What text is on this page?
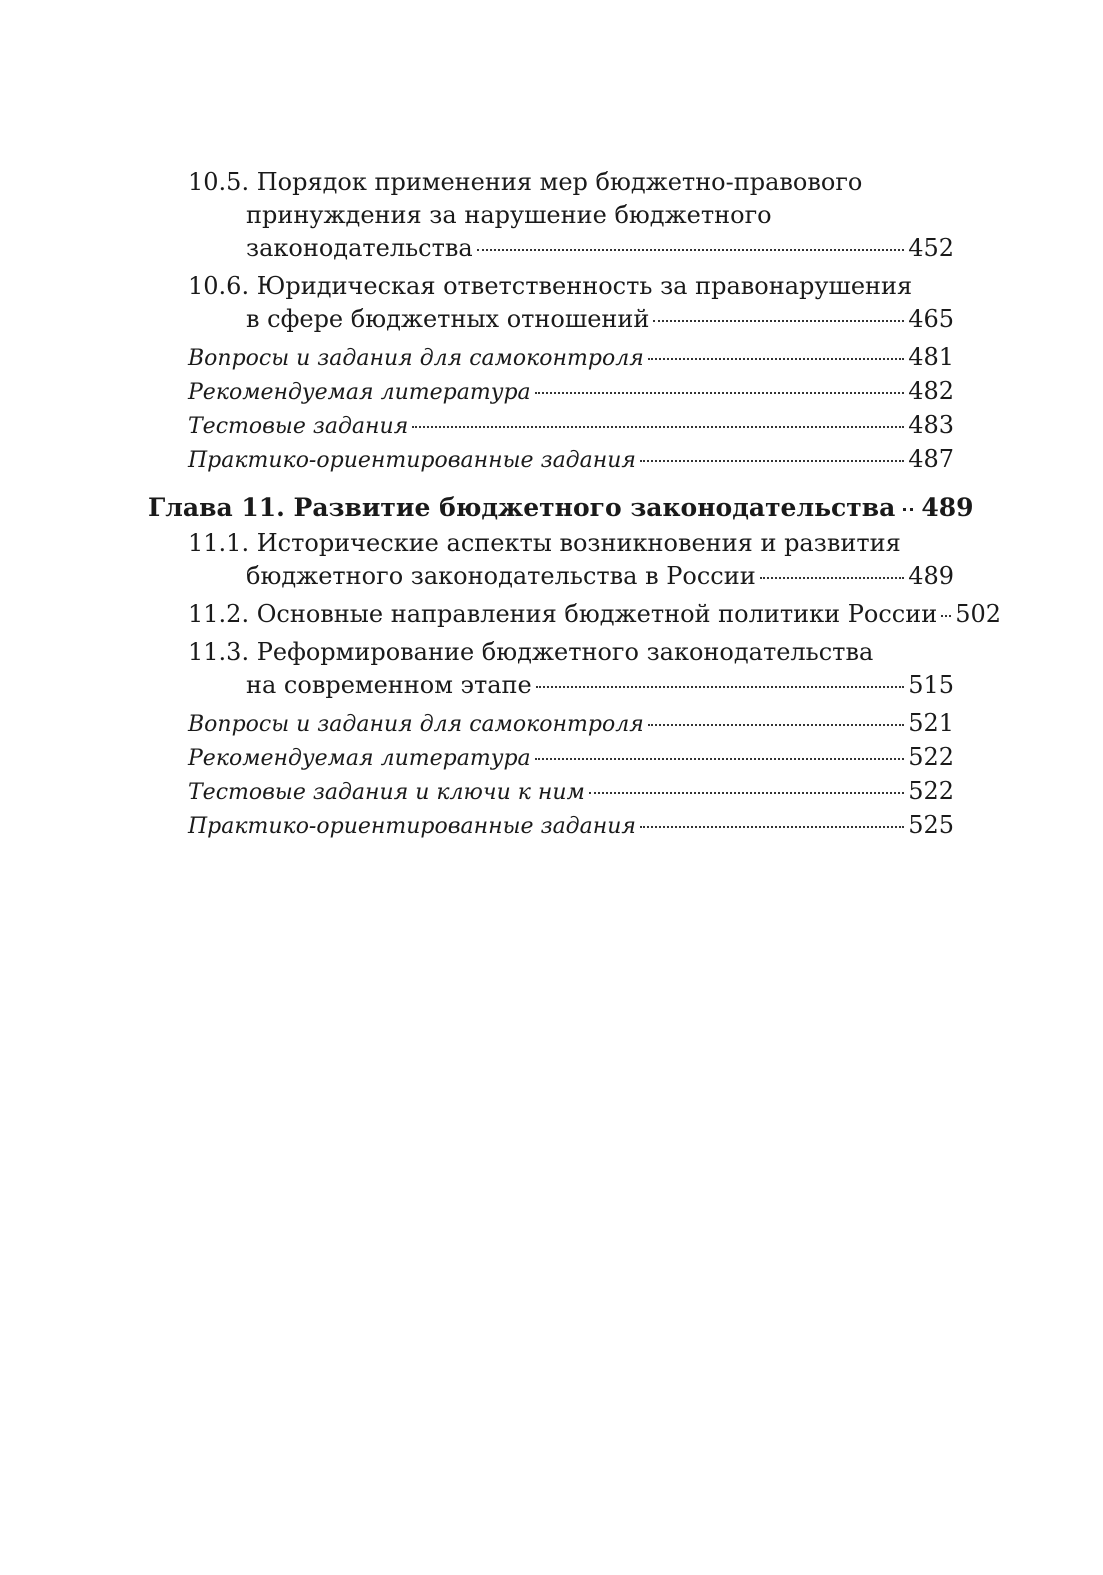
10.5. Порядок применения мер бюджетно-правового
принуждения за нарушение бюджетного
законодательства	452
10.6. Юридическая ответственность за правонарушения
в сфере бюджетных отношений	465
Вопросы и задания для самоконтроля	481
Рекомендуемая литература	482
Тестовые задания	483
Практико-ориентированные задания	487
Глава 11. Развитие бюджетного законодательства 489
11.1. Исторические аспекты возникновения и развития
бюджетного законодательства в России	489
11.2. Основные направления бюджетной политики России 502
11.3. Реформирование бюджетного законодательства
на современном этапе	515
Вопросы и задания для самоконтроля	521
Рекомендуемая литература	522
Тестовые задания и ключи к ним	522
Практико-ориентированные задания	525
